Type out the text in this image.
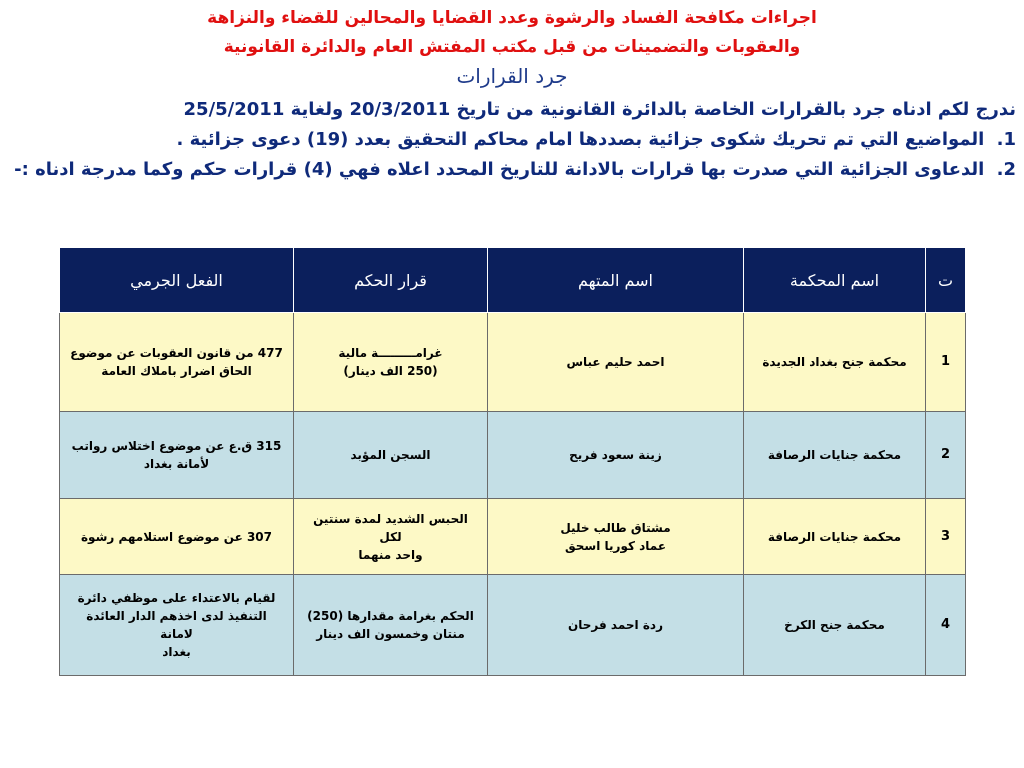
اجراءات مكافحة الفساد والرشوة وعدد القضايا والمحالين للقضاء والنزاهة
والعقوبات والتضمينات من قبل مكتب المفتش العام والدائرة القانونية
جرد القرارات
ندرج لكم ادناه جرد بالقرارات الخاصة بالدائرة القانونية من تاريخ 20/3/2011 ولغاية 25/5/2011
1. المواضيع التي تم تحريك شكوى جزائية بصددها امام محاكم التحقيق بعدد (19) دعوى جزائية .
2. الدعاوى الجزائية التي صدرت بها قرارات بالادانة للتاريخ المحدد اعلاه فهي (4) قرارات حكم وكما مدرجة ادناه :-
ت	اسم المحكمة	اسم المتهم	قرار الحكم	الفعل الجرمي
1	محكمة جنح بغداد الجديدة	احمد حليم عباس	غرامـــــــــة مالية
(250 الف دينار)	477 من قانون العقوبات عن موضوع
الحاق اضرار باملاك العامة

2	محكمة جنايات الرصافة	زينة سعود فريح	السجن المؤبد	315 ق.ع عن موضوع اختلاس رواتب
لأمانة بغداد

3	محكمة جنايات الرصافة	مشتاق طالب خليل
عماد كوريا اسحق	الحبس الشديد لمدة سنتين لكل
واحد منهما	307 عن موضوع استلامهم رشوة

4	محكمة جنح الكرخ	ردة احمد فرحان	الحكم بغرامة مقدارها (250)
منتان وخمسون الف دينار	لقيام بالاعتداء على موظفي دائرة
التنفيذ لدى اخذهم الدار العائدة لامانة
بغداد
